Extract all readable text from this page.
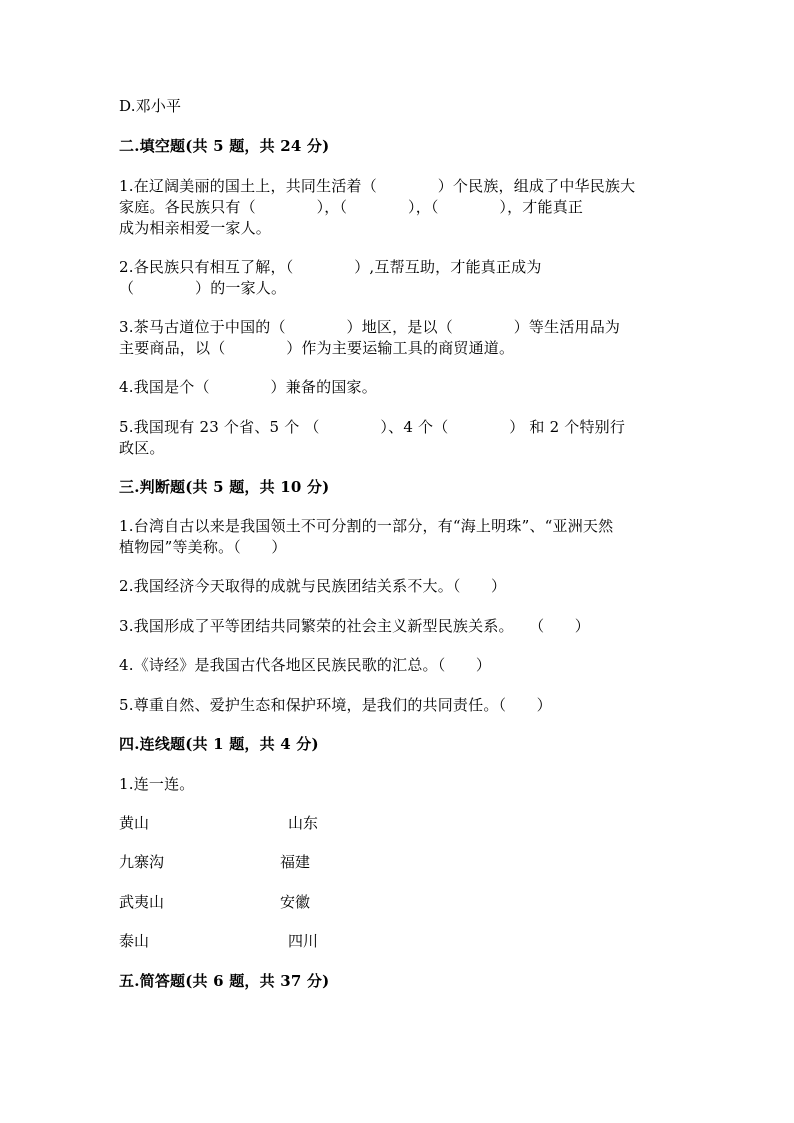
D.邓小平

二.填空题(共 5 题，共 24 分)

1.在辽阔美丽的国土上，共同生活着（　　　　）个民族，组成了中华民族大

家庭。各民族只有（　　　　），（　　　　），（　　　　），才能真正

成为相亲相爱一家人。

2.各民族只有相互了解，（　　　　）,互帮互助，才能真正成为

（　　　　）的一家人。

3.茶马古道位于中国的（　　　　）地区，是以（　　　　）等生活用品为

主要商品，以（　　　　）作为主要运输工具的商贸通道。

4.我国是个（　　　　）兼备的国家。

5.我国现有 23 个省、5 个 （　　　　）、4 个（　　　　） 和 2 个特别行

政区。

三.判断题(共 5 题，共 10 分)

1.台湾自古以来是我国领土不可分割的一部分，有“海上明珠”、“亚洲天然

植物园”等美称。（　　）

2.我国经济今天取得的成就与民族团结关系不大。（　　）

3.我国形成了平等团结共同繁荣的社会主义新型民族关系。　　（　　）

4.《诗经》是我国古代各地区民族民歌的汇总。（　　）

5.尊重自然、爱护生态和保护环境，是我们的共同责任。（　　）

四.连线题(共 1 题，共 4 分)

1.连一连。

黄山	山东

九寨沟	福建

武夷山	安徽

泰山	四川

五.简答题(共 6 题，共 37 分)
